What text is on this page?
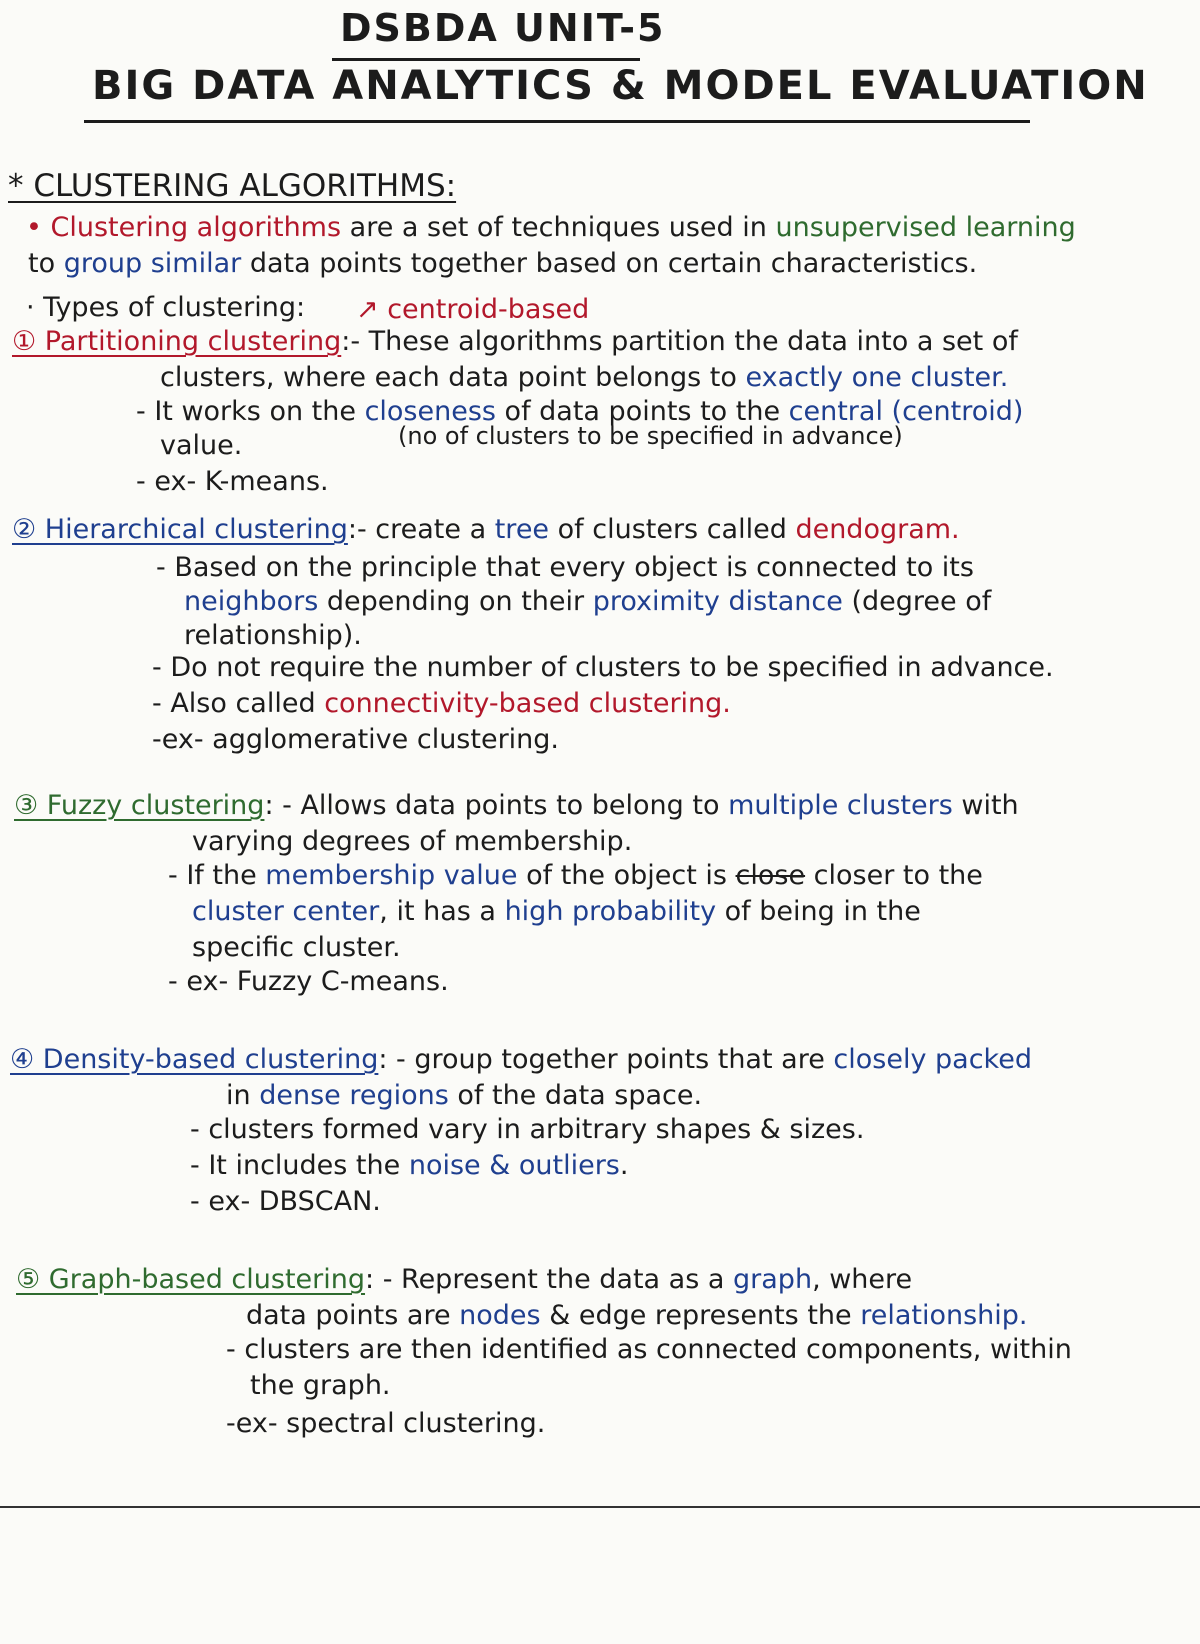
DSBDA UNIT-5
BIG DATA ANALYTICS & MODEL EVALUATION
* CLUSTERING ALGORITHMS:
• Clustering algorithms are a set of techniques used in unsupervised learning
to group similar data points together based on certain characteristics.
· Types of clustering: ↗ centroid-based
① Partitioning clustering:- These algorithms partition the data into a set of
clusters, where each data point belongs to exactly one cluster.
- It works on the closeness of data points to the central (centroid)
value.	(no of clusters to be specified in advance)
- ex- K-means.
② Hierarchical clustering:- create a tree of clusters called dendogram.
- Based on the principle that every object is connected to its
neighbors depending on their proximity distance (degree of
relationship).
- Do not require the number of clusters to be specified in advance.
- Also called connectivity-based clustering.
-ex- agglomerative clustering.
③ Fuzzy clustering: - Allows data points to belong to multiple clusters with
varying degrees of membership.
- If the membership value of the object is close closer to the
cluster center, it has a high probability of being in the
specific cluster.
- ex- Fuzzy C-means.
④ Density-based clustering: - group together points that are closely packed
in dense regions of the data space.
- clusters formed vary in arbitrary shapes & sizes.
- It includes the noise & outliers.
- ex- DBSCAN.
⑤ Graph-based clustering: - Represent the data as a graph, where
data points are nodes & edge represents the relationship.
- clusters are then identified as connected components, within
the graph.
-ex- spectral clustering.
